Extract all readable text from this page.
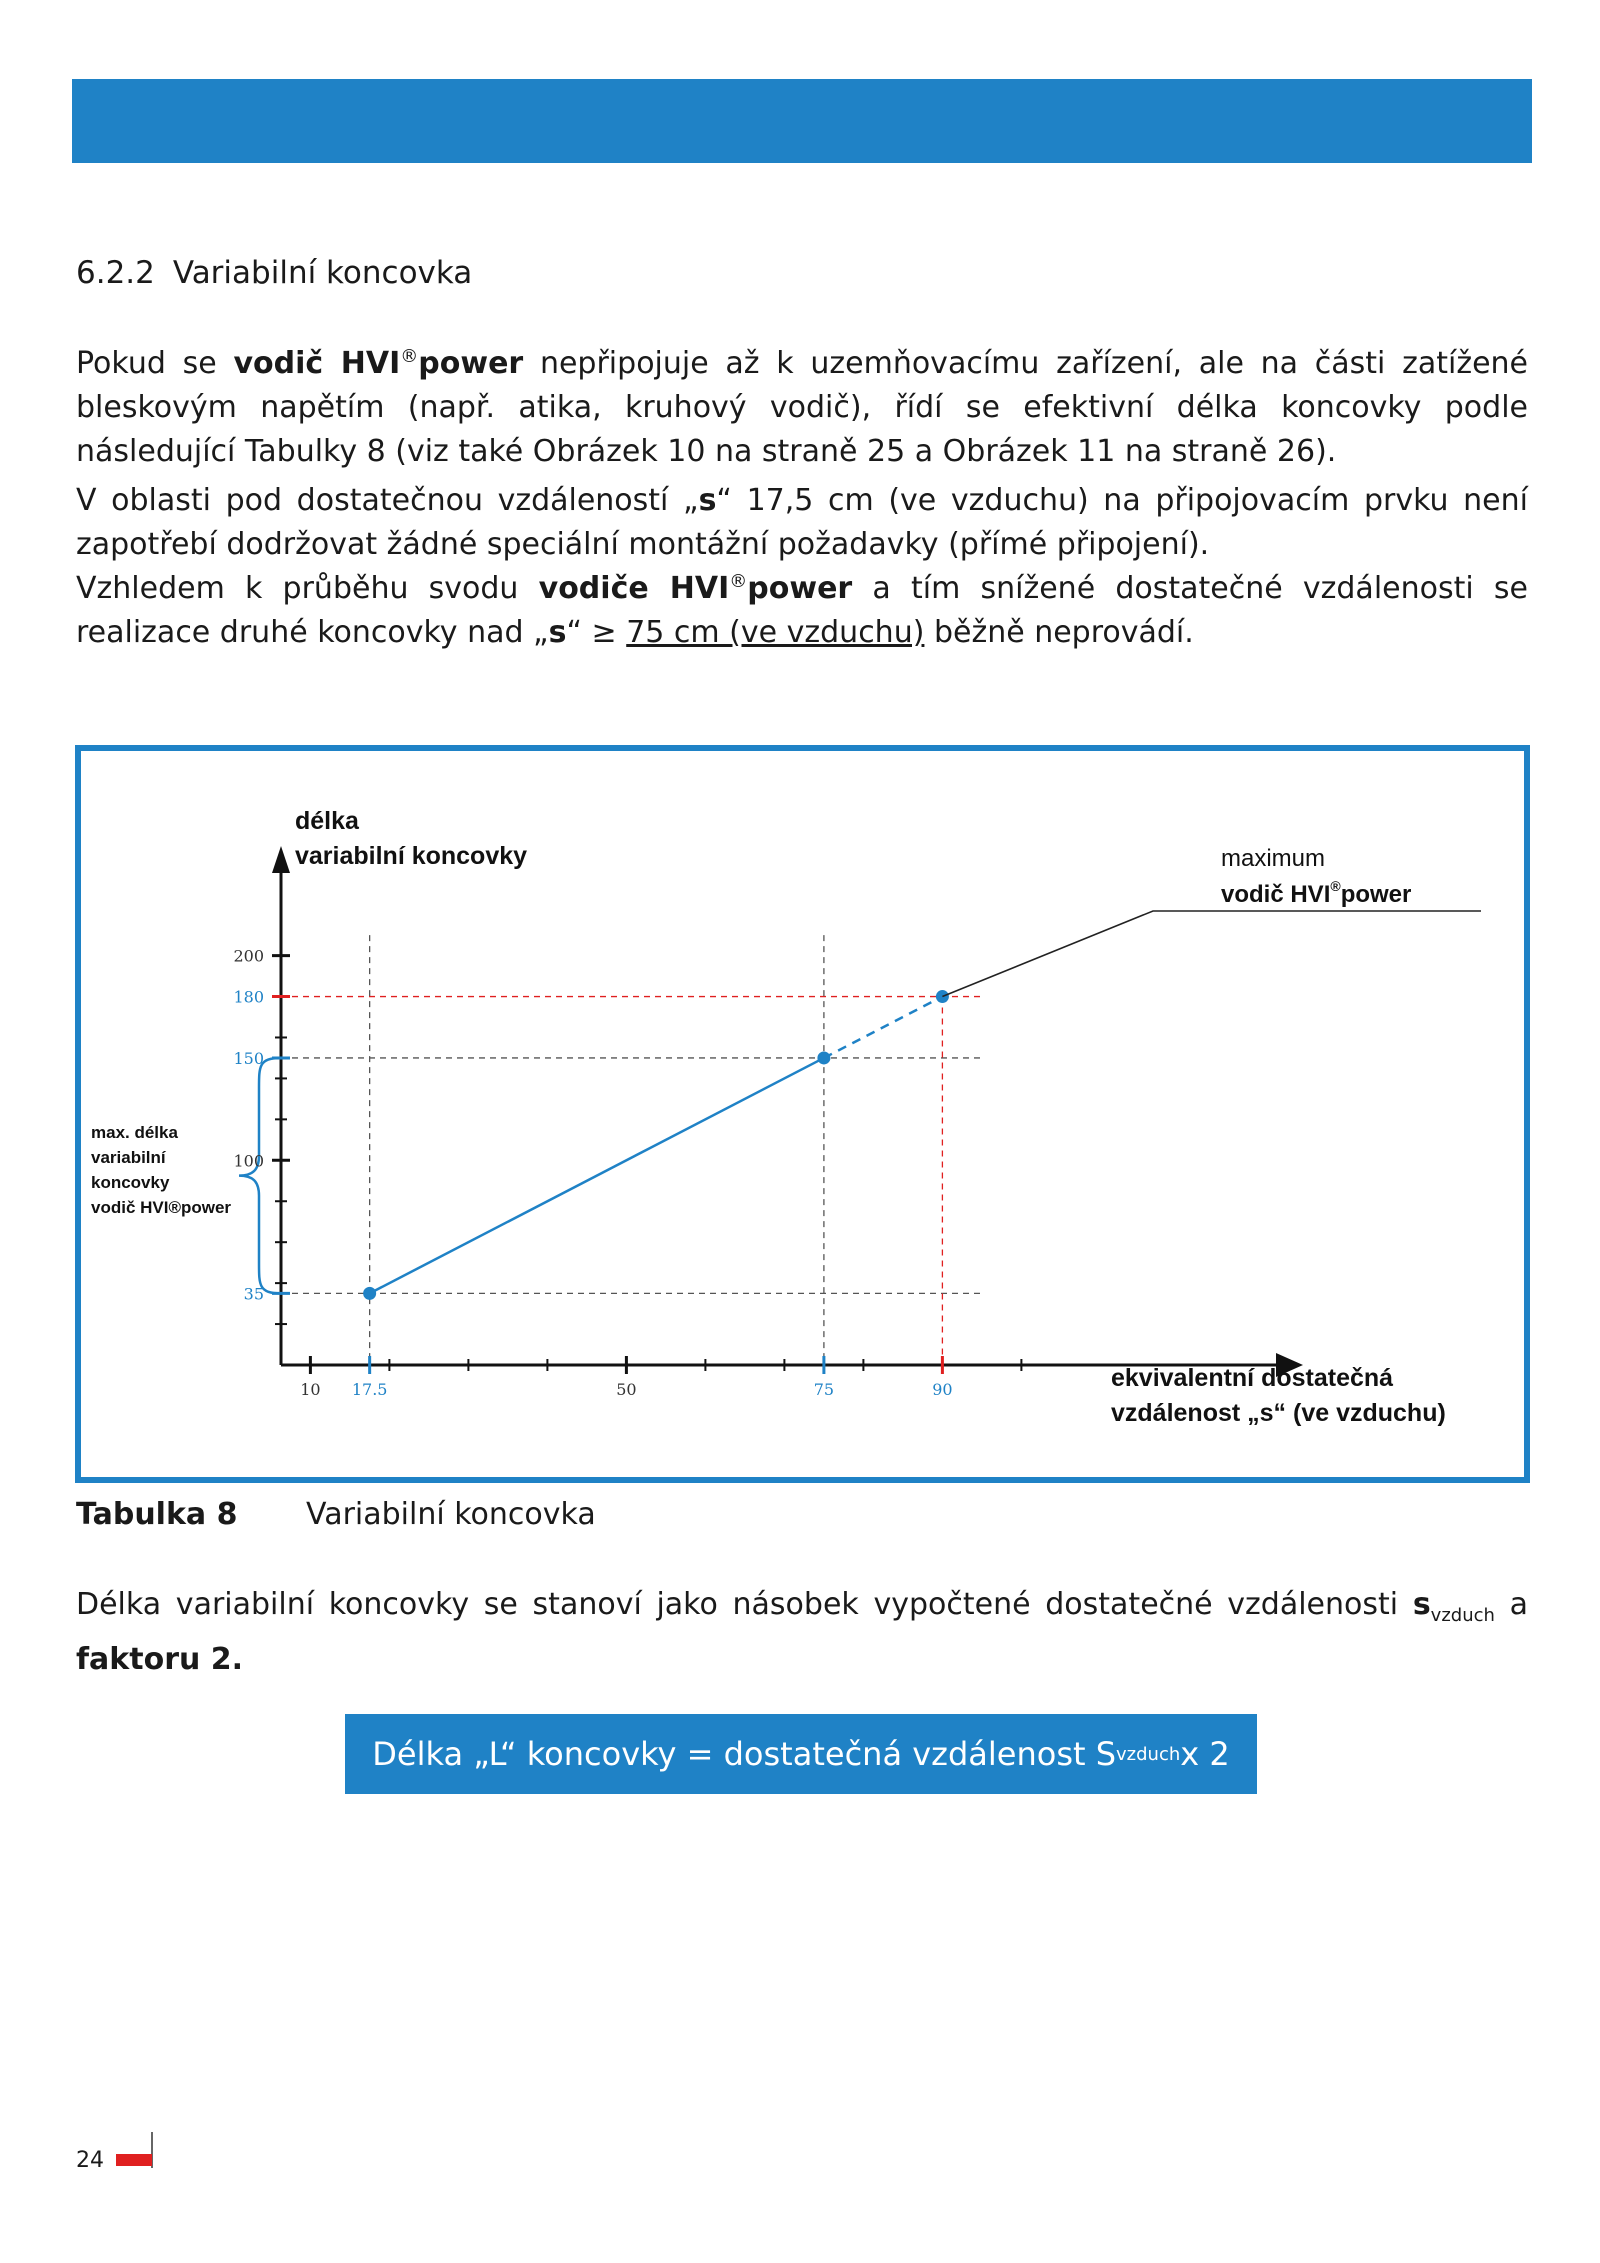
6.2.2 Variabilní koncovka

Pokud se vodič HVI®power nepřipojuje až k uzemňovacímu zařízení, ale na části zatížené bleskovým napětím (např. atika, kruhový vodič), řídí se efektivní délka koncovky podle následující Tabulky 8 (viz také Obrázek 10 na straně 25 a Obrázek 11 na straně 26).

V oblasti pod dostatečnou vzdáleností „s“ 17,5 cm (ve vzduchu) na připojovacím prvku není zapotřebí dodržovat žádné speciální montážní požadavky (přímé připojení).

Vzhledem k průběhu svodu vodiče HVI®power a tím snížené dostatečné vzdálenosti se realizace druhé koncovky nad „s“ ≥ 75 cm (ve vzduchu) běžně neprovádí.

délka
variabilní koncovky
ekvivalentní dostatečná
vzdálenost „s“ (ve vzduchu)
maximum
vodič HVI®power
max. délka
variabilní
koncovky
vodič HVI®power
200
180
150
100
35
10 17.5	50	75	90
Tabulka 8 Variabilní koncovka

Délka variabilní koncovky se stanoví jako násobek vypočtené dostatečné vzdálenosti $s_{vzduch}$ a faktoru 2.

Délka „L“ koncovky = dostatečná vzdálenost S vzduch x 2
24
